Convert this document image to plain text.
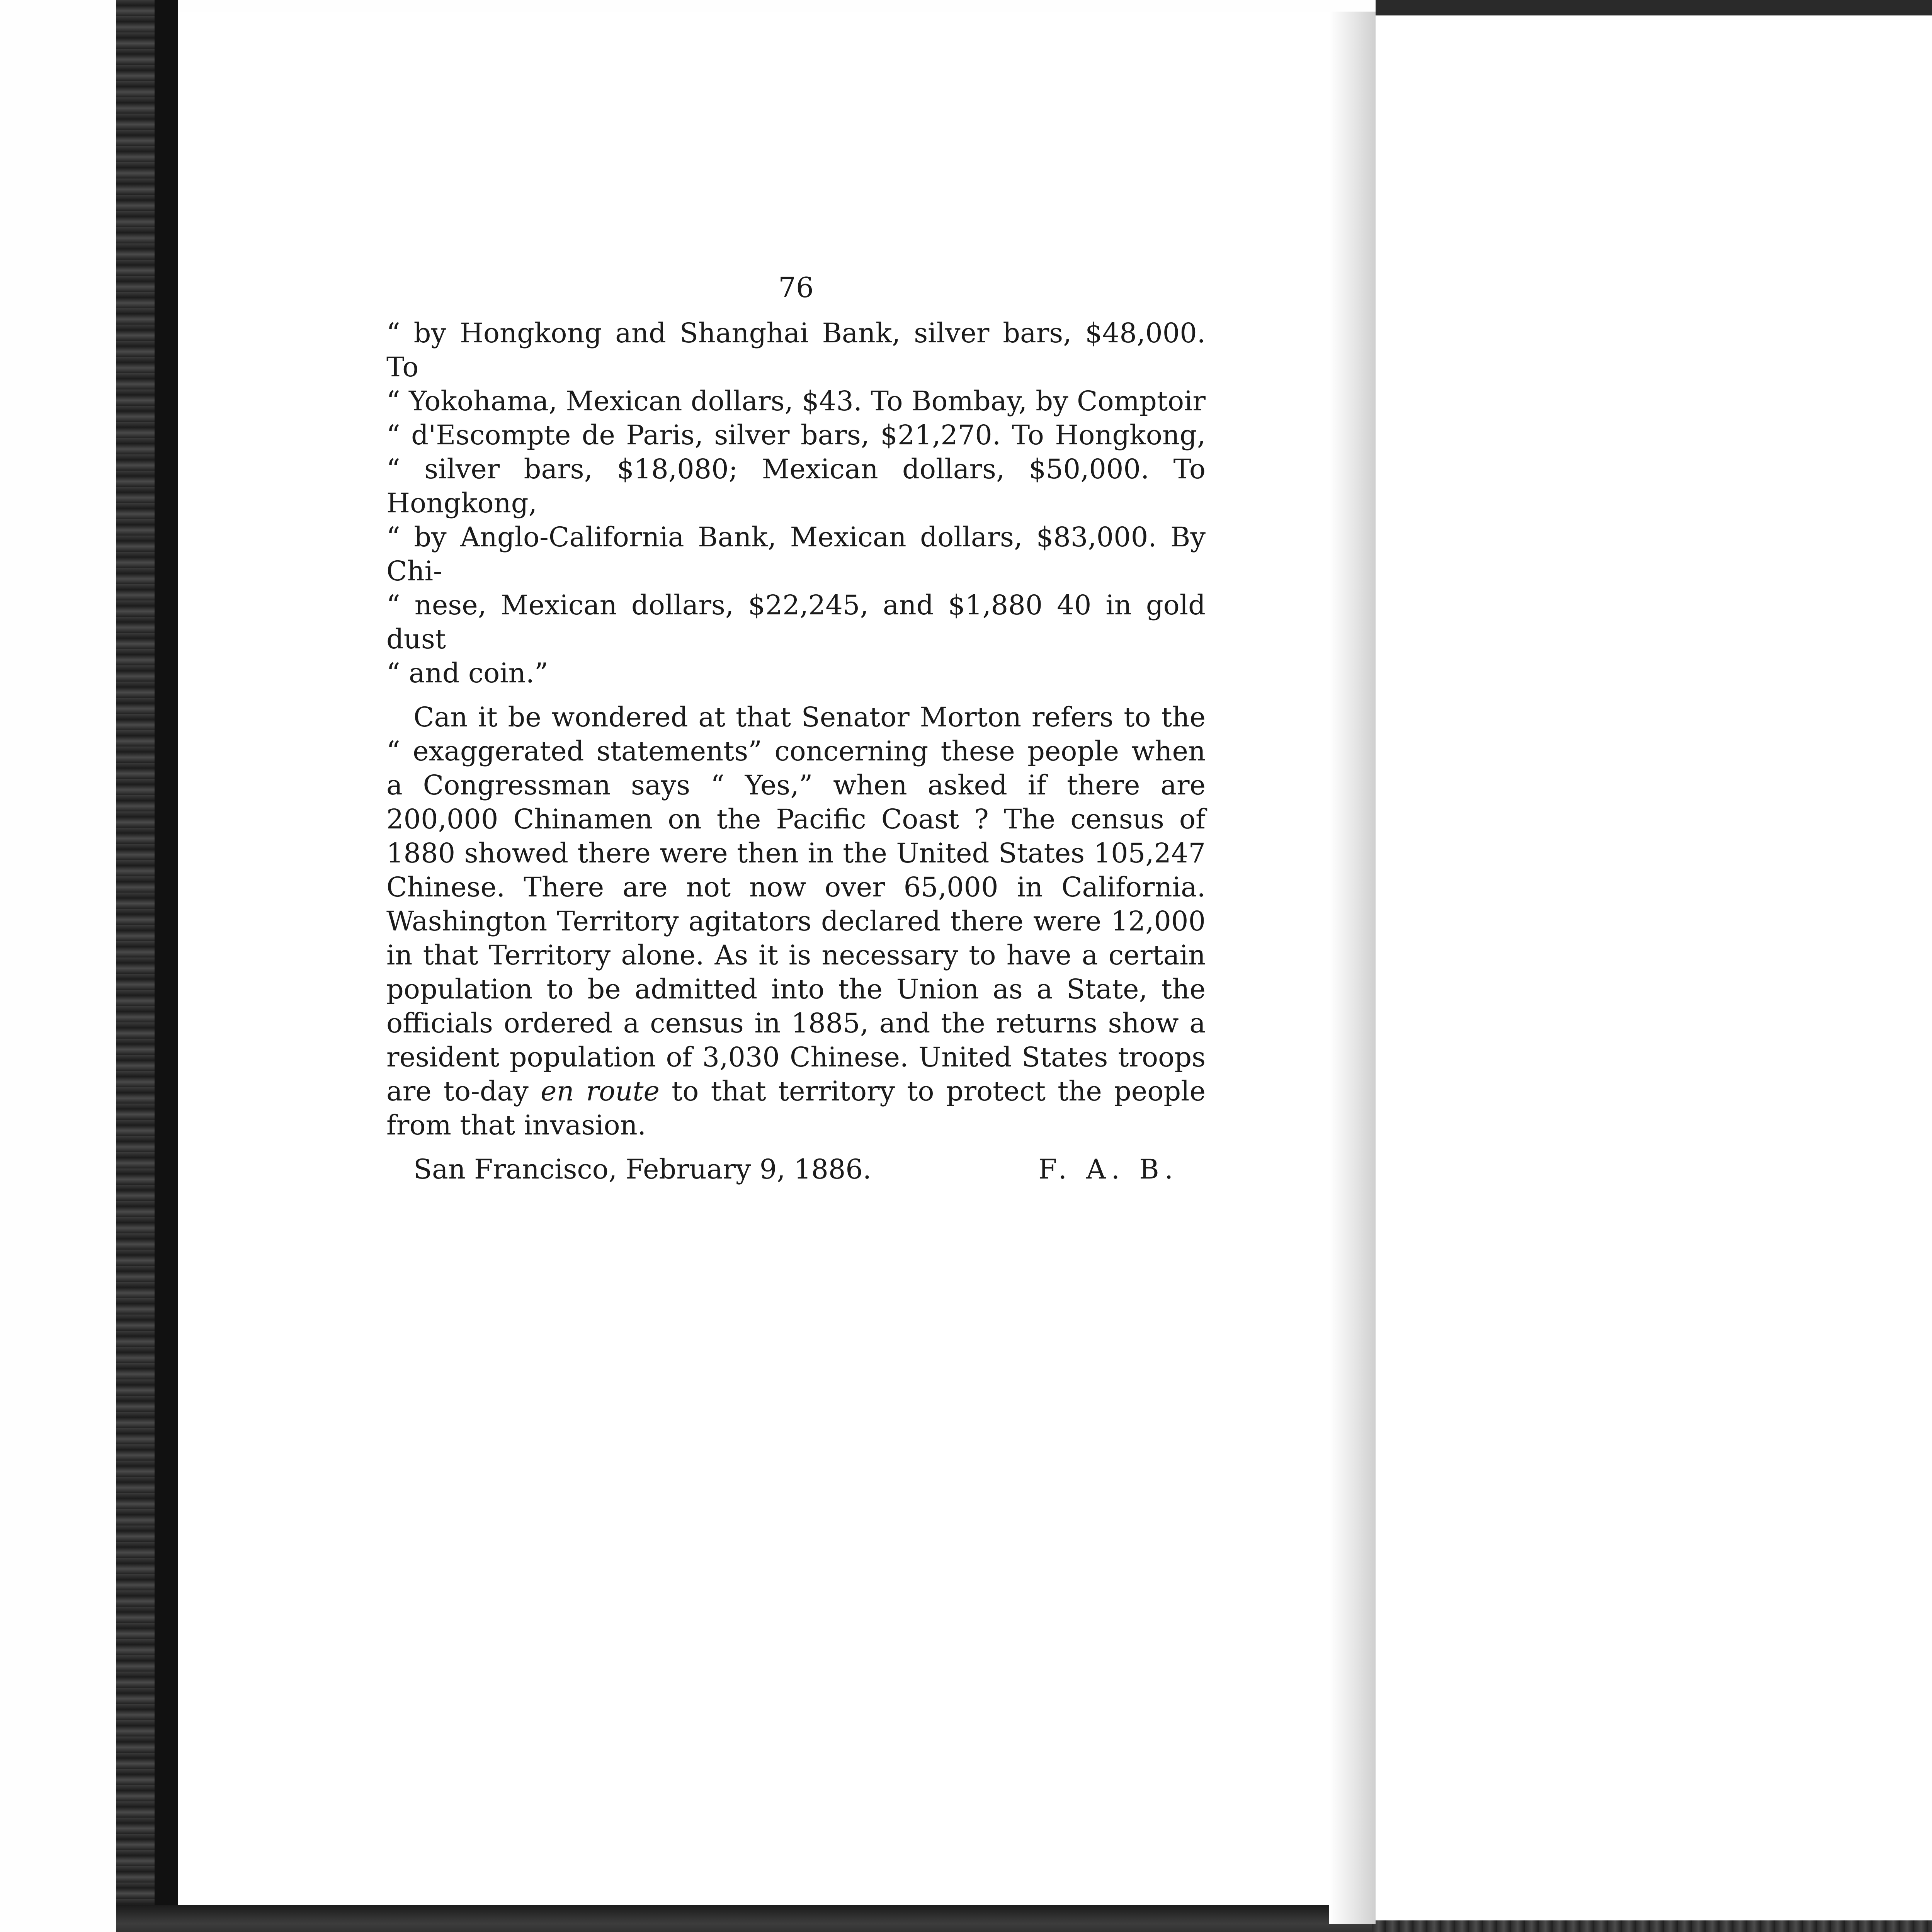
76

“ by Hongkong and Shanghai Bank, silver bars, $48,000. To
“ Yokohama, Mexican dollars, $43. To Bombay, by Comptoir
“ d'Escompte de Paris, silver bars, $21,270. To Hongkong,
“ silver bars, $18,080; Mexican dollars, $50,000. To Hongkong,
“ by Anglo-California Bank, Mexican dollars, $83,000. By Chi-
“ nese, Mexican dollars, $22,245, and $1,880 40 in gold dust
“ and coin.”

Can it be wondered at that Senator Morton refers to the “ exaggerated statements” concerning these people when a Congressman says “ Yes,” when asked if there are 200,000 Chinamen on the Pacific Coast ? The census of 1880 showed there were then in the United States 105,247 Chinese. There are not now over 65,000 in California. Washington Territory agitators declared there were 12,000 in that Territory alone. As it is necessary to have a certain population to be admitted into the Union as a State, the officials ordered a census in 1885, and the returns show a resident population of 3,030 Chinese. United States troops are to-day en route to that territory to protect the people from that invasion.

San Francisco, February 9, 1886.	F. A. B.
